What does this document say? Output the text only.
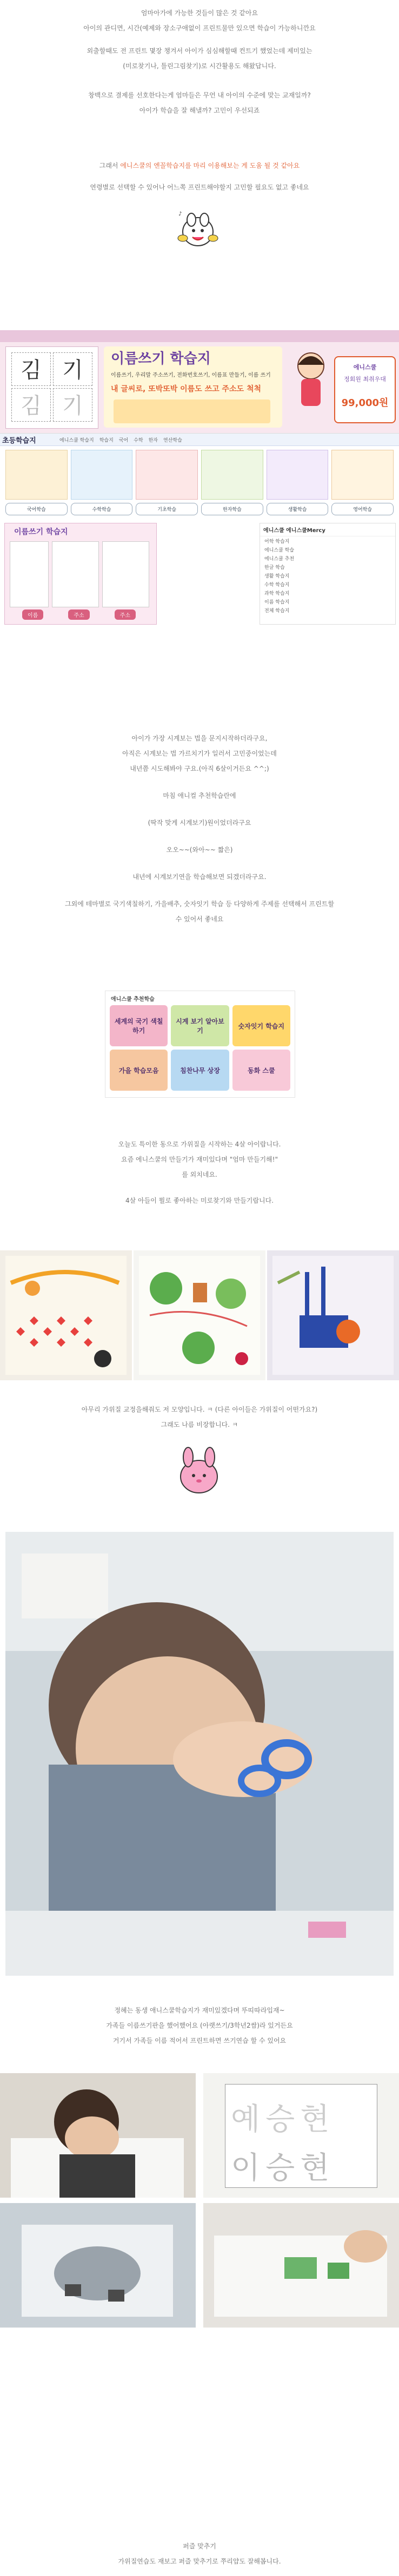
엄마아가에 가능한 것들이 많은 것 같아요

아이의 관디면, 시간(예제와 장소구애없이 프린트물만 있으면 학습이 가능하니깐요

외출할때도 전 프린트 몇장 챙겨서 아이가 심심해할때 컨트기 했었는데 제미있는

(미로찾기나, 틀린그림찾기)로 시간활용도 해왔답니다.

창백으로 결제를 선호한다는게 엄마들은 무언 내 아이의 수준에 맞는 교재일까?

아이가 학습을 잘 해낼까? 고민이 우선되죠

그래서 에니스쿨의 엔꼴학습지를 마리 이용해보는 게 도움 될 것 같아요

연령별로 선택할 수 있어나 어느쪽 프린트해야할지 고민할 필요도 없고 좋네요

♪
김 기
김 기
이름쓰기 학습지
이름쓰기, 우리말 주소쓰기, 전화번호쓰기, 이름표 만들기, 이름 쓰기
내 글씨로, 또박또박 이름도 쓰고 주소도 척척
에니스쿨
정회원 최취우대
99,000원
초등학습지	에니스쿨 학습지 학습지 국어 수학 한자 연산학습
국어학습	수학학습	기초학습	한자학습	생활학습	영어학습
이름쓰기 학습지
이름	주소	주소
에니스쿨 에니스쿨Mercy
어학 학습지
에니스쿨 학습
에니스쿨 추천
한글 학습
생활 학습지
수학 학습지
과학 학습지
이름 학습지
전체 학습지

아이가 가장 시계보는 법을 문지시작하더라구요,

아직은 시계보는 법 가르치기가 일러서 고민중이었는데

내년쯤 시도해봐야 구요.(아직 6살이거든요 ^^;)

마침 애니컬 추천학습란에

(딱작 맞게 시계보기)원이었더라구요

오오~~(와아~~ 짧은)

내년에 시계보기연을 학습해보면 되겠더라구요.

그외에 테마별로 국기색칠하기, 가을배추, 숫자잇기 학습 등 다양하게 주제를 선택해서 프린트할

수 있어서 좋네요

애니스쿨 추천학습
세계의 국기 색칠하기
시계 보기 알아보기
숫자잇기 학습지
가을 학습모음	침찬나무 상장	동화 스쿨

오늘도 특이한 동으로 가위질을 시작하는 4살 아이랍니다.

요즘 에니스쿨의 만들기가 재미있다며 "엄마 만들기해!"

를 외치네요.

4살 아들이 뭘로 좋아하는 미로찾기와 만들기랍니다.

아무리 가위질 교정을해줘도 저 모양입니다. ㅋ (다른 아이들은 가위질이 어떤가요?)

그래도 나름 비장합니다. ㅋ

정혜는 동생 애니스쿨학습지가 재미있겠다며 뚜띠따라입재~

가족들 이름쓰기판을 했어했어요 (아랫쓰기/3학년2쌈)라 있거든요

거기서 가족들 이름 적어서 프린트하면 쓰기연습 할 수 있어요

예승현
이승현

퍼즐 맞추기

가위질연습도 재보고 퍼즐 맞추기로 쭈리얍도 잘해봅니다.
